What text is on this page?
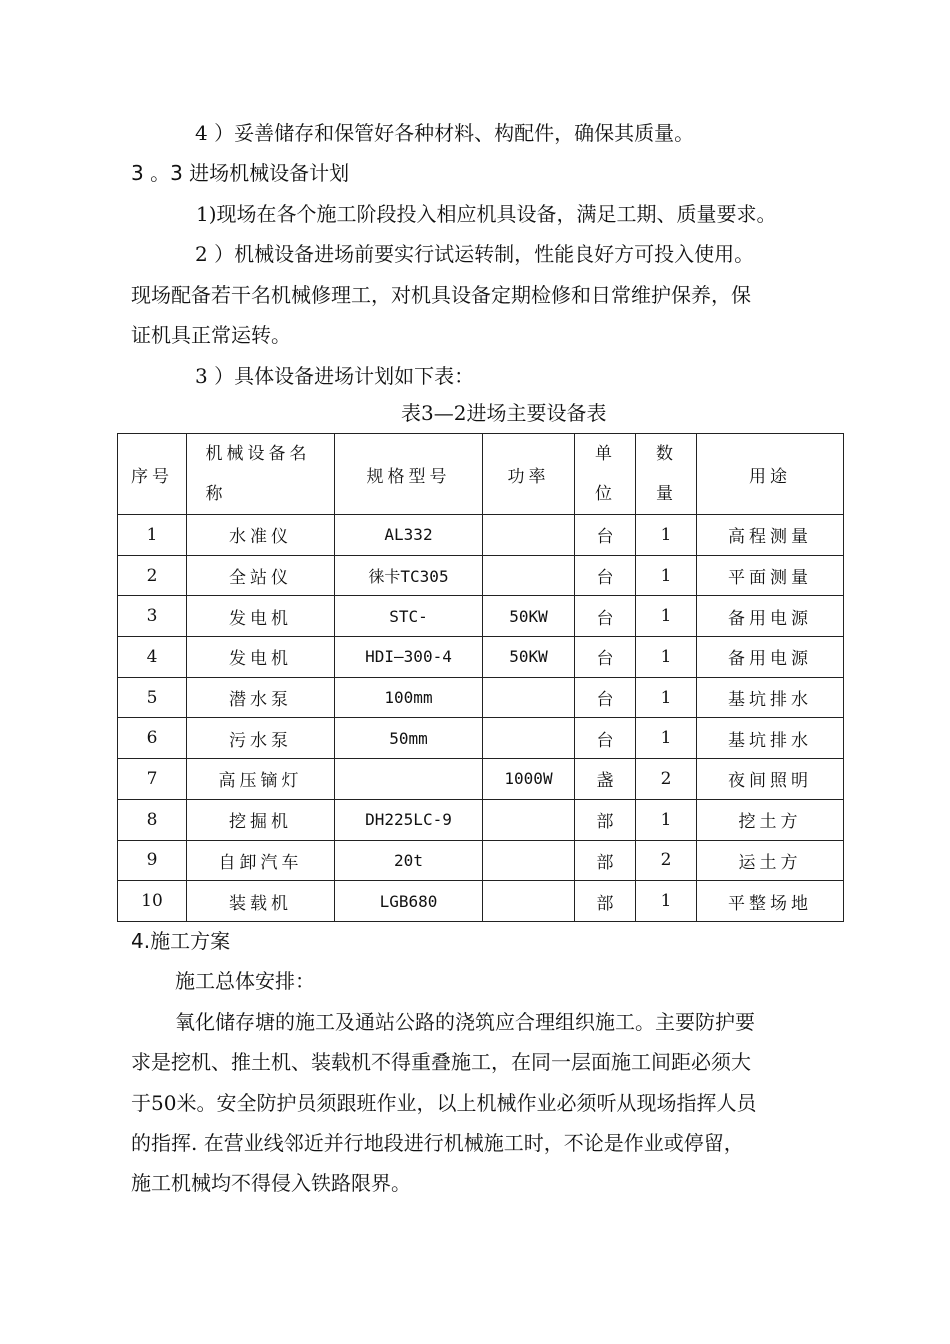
4 ）妥善储存和保管好各种材料、构配件，确保其质量。
3 。3 进场机械设备计划
1)现场在各个施工阶段投入相应机具设备，满足工期、质量要求。
2 ）机械设备进场前要实行试运转制，性能良好方可投入使用。
现场配备若干名机械修理工，对机具设备定期检修和日常维护保养，保
证机具正常运转。
3 ）具体设备进场计划如下表：
表3—2进场主要设备表
序号	机械设备名称	规格型号	功率	单位	数量	用途
1	水准仪	AL332		台	1	高程测量
2	全站仪	徕卡TC305		台	1	平面测量
3	发电机	STC-	50KW	台	1	备用电源
4	发电机	HDI—300-4	50KW	台	1	备用电源
5	潜水泵	100mm		台	1	基坑排水
6	污水泵	50mm		台	1	基坑排水
7	高压镝灯		1000W	盏	2	夜间照明
8	挖掘机	DH225LC-9		部	1	挖土方
9	自卸汽车	20t		部	2	运土方
10	装载机	LGB680		部	1	平整场地
4.施工方案
施工总体安排：
氧化储存塘的施工及通站公路的浇筑应合理组织施工。主要防护要
求是挖机、推土机、装载机不得重叠施工，在同一层面施工间距必须大
于50米。安全防护员须跟班作业，以上机械作业必须听从现场指挥人员
的指挥. 在营业线邻近并行地段进行机械施工时，不论是作业或停留，
施工机械均不得侵入铁路限界。
